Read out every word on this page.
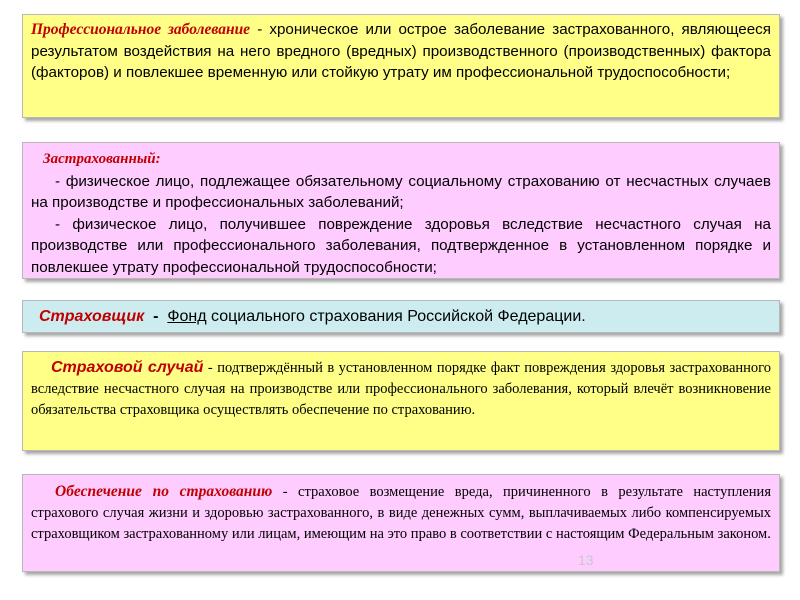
Профессиональное заболевание - хроническое или острое заболевание застрахованного, являющееся результатом воздействия на него вредного (вредных) производственного (производственных) фактора (факторов) и повлекшее временную или стойкую утрату им профессиональной трудоспособности;
Застрахованный:
- физическое лицо, подлежащее обязательному социальному страхованию от несчастных случаев на производстве и профессиональных заболеваний;
- физическое лицо, получившее повреждение здоровья вследствие несчастного случая на производстве или профессионального заболевания, подтвержденное в установленном порядке и повлекшее утрату профессиональной трудоспособности;
Страховщик  -  Фонд социального страхования Российской Федерации.
Страховой случай - подтверждённый в установленном порядке факт повреждения здоровья застрахованного вследствие несчастного случая на производстве или профессионального заболевания, который влечёт возникновение обязательства страховщика осуществлять обеспечение по страхованию.
Обеспечение по страхованию - страховое возмещение вреда, причиненного в результате наступления страхового случая жизни и здоровью застрахованного, в виде денежных сумм, выплачиваемых либо компенсируемых страховщиком застрахованному или лицам, имеющим на это право в соответствии с настоящим Федеральным законом.
13
